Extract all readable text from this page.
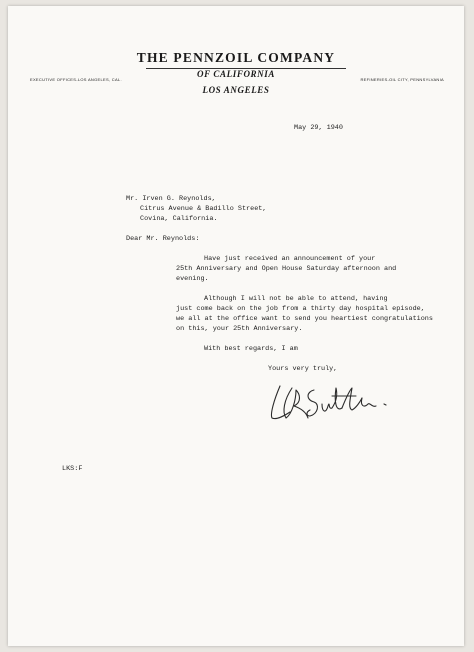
THE PENNZOIL COMPANY
OF CALIFORNIA
LOS ANGELES
EXECUTIVE OFFICES-LOS ANGELES, CAL.	REFINERIES-OIL CITY, PENNSYLVANIA
May 29, 1940
Mr. Irven G. Reynolds,
Citrus Avenue & Badillo Street,
Covina, California.
Dear Mr. Reynolds:
Have just received an announcement of your
25th Anniversary and Open House Saturday afternoon and
evening.
Although I will not be able to attend, having
just come back on the job from a thirty day hospital episode,
we all at the office want to send you heartiest congratulations
on this, your 25th Anniversary.
With best regards, I am
Yours very truly,
LKS:F
